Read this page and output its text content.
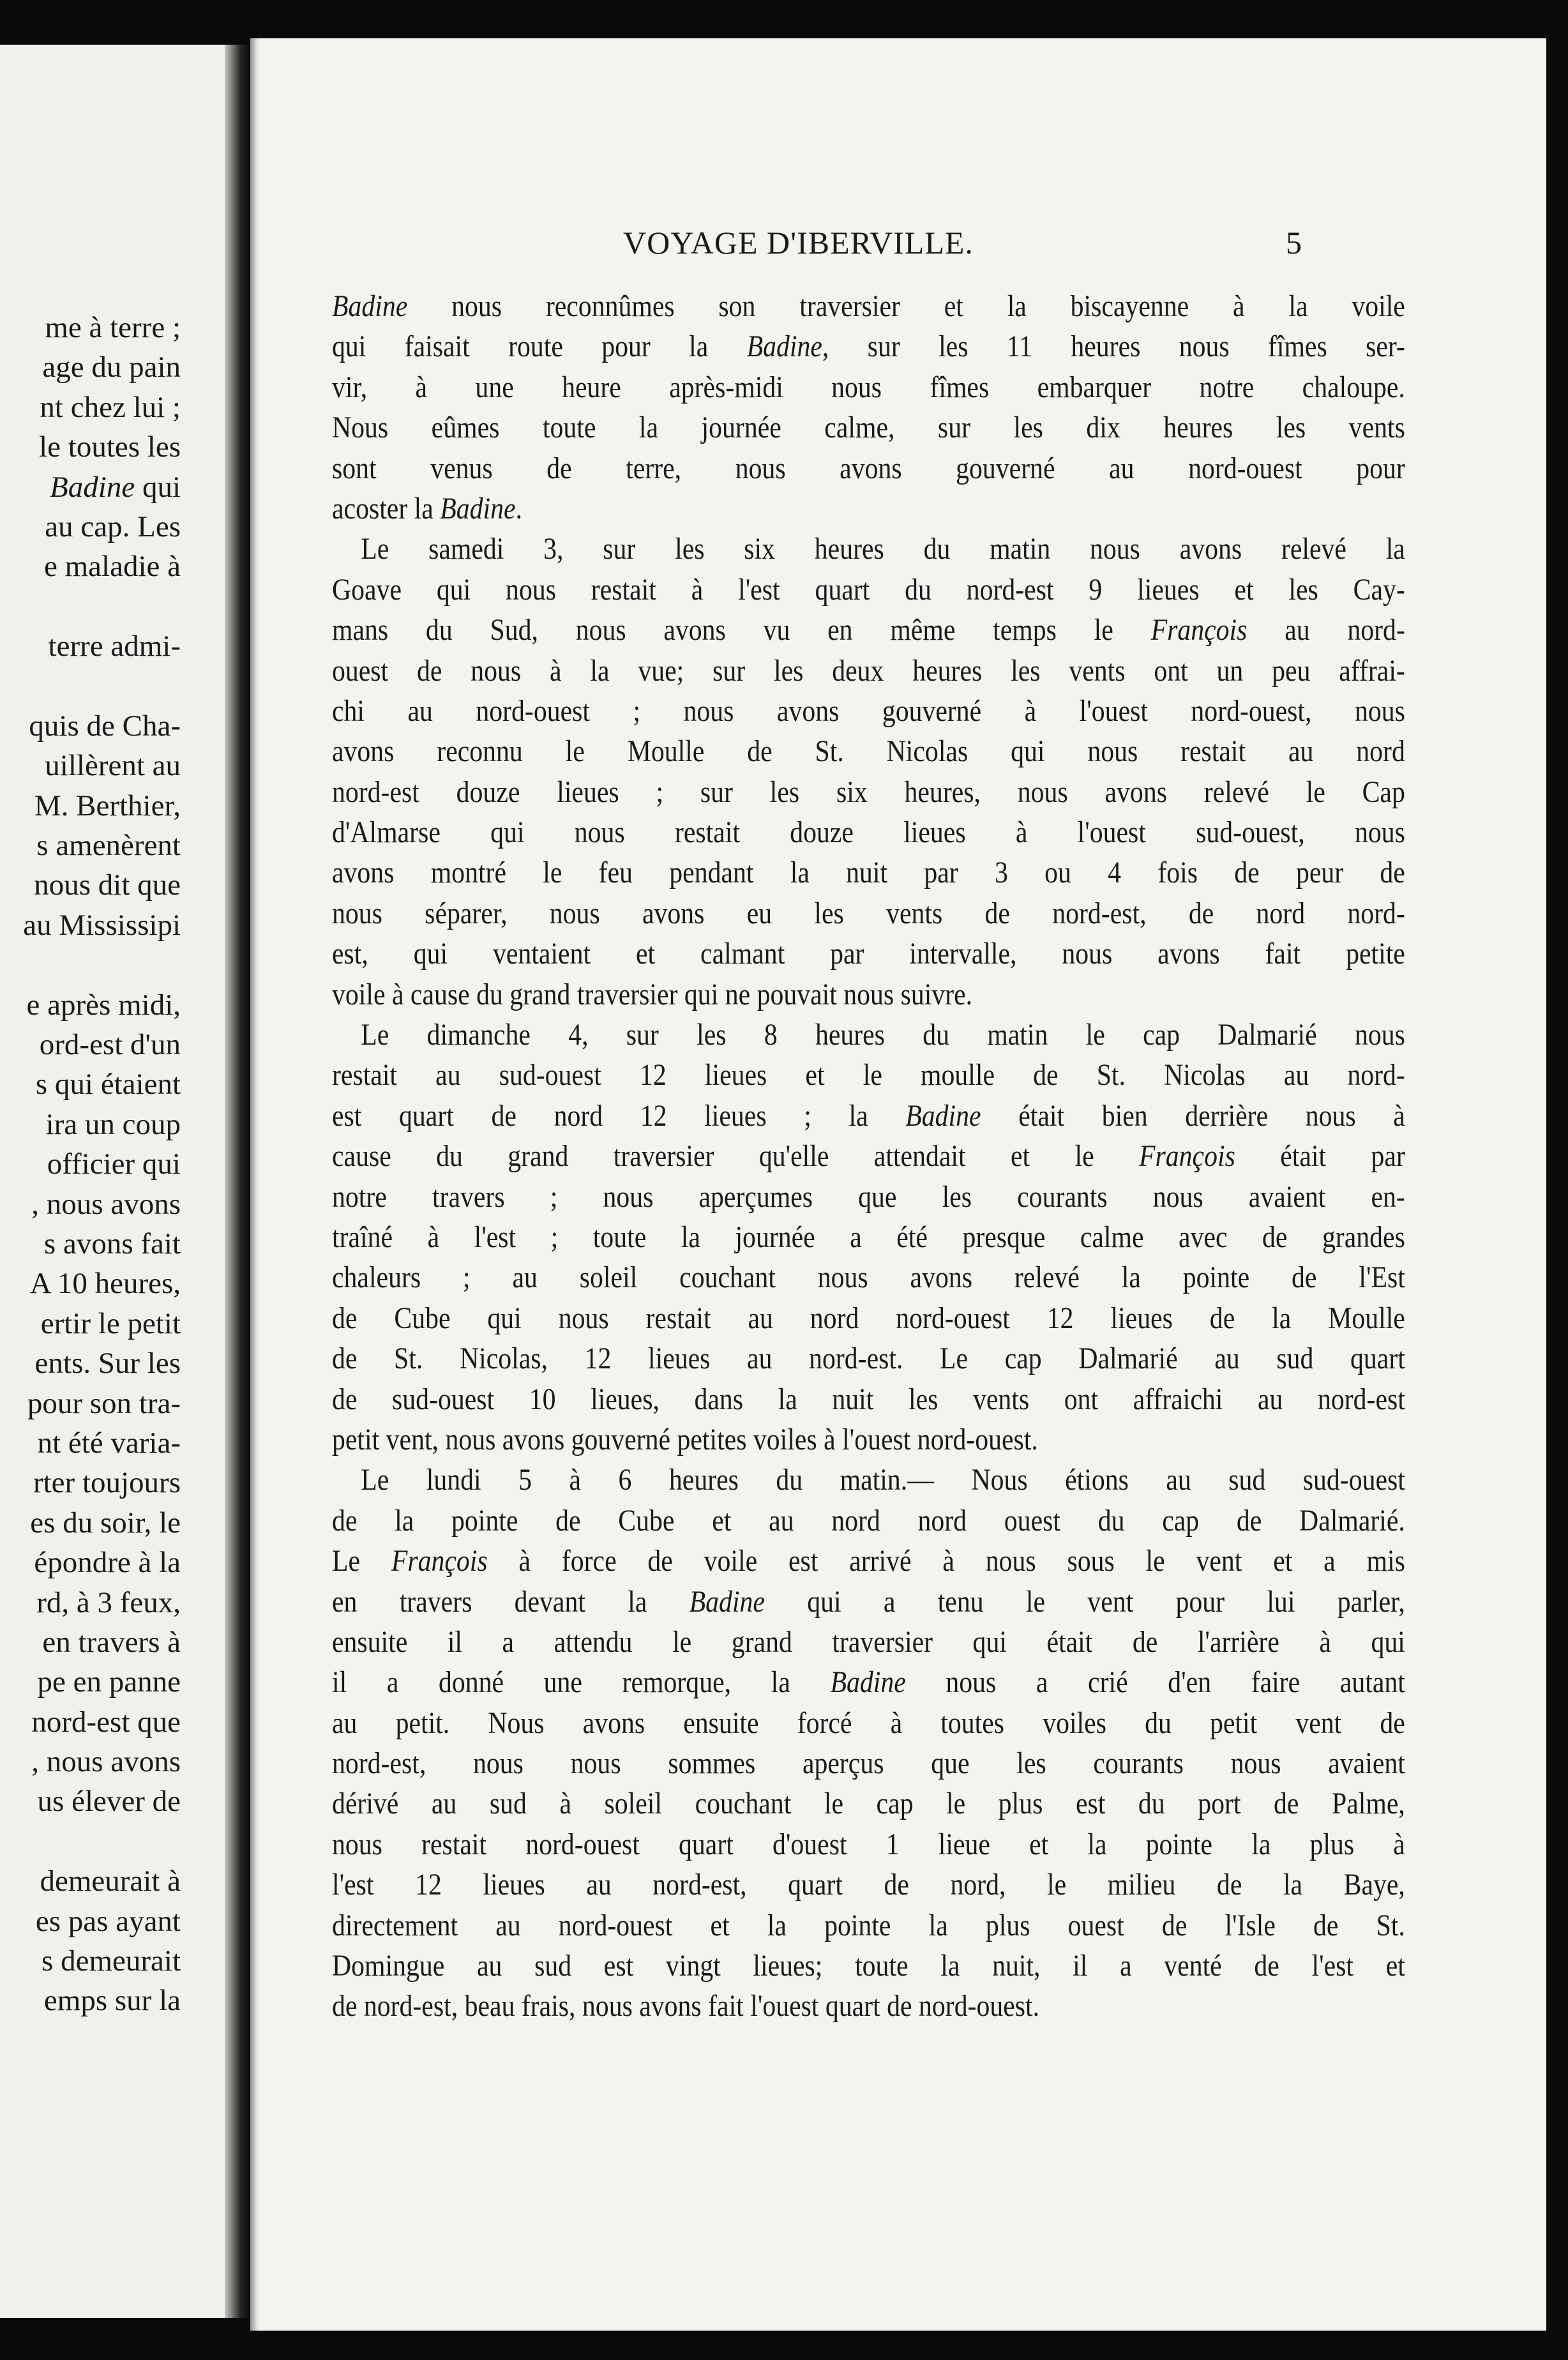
me à terre ;
age du pain
nt chez lui ;
le toutes les
Badine qui
au cap. Les
e maladie à
terre admi-
quis de Cha-
uillèrent au
M. Berthier,
s amenèrent
nous dit que
au Mississipi
e après midi,
ord-est d'un
s qui étaient
ira un coup
officier qui
, nous avons
s avons fait
A 10 heures,
ertir le petit
ents. Sur les
pour son tra-
nt été varia-
rter toujours
es du soir, le
épondre à la
rd, à 3 feux,
en travers à
pe en panne
nord-est que
, nous avons
us élever de
demeurait à
es pas ayant
s demeurait
emps sur la
VOYAGE D'IBERVILLE.	5
Badine nous reconnûmes son traversier et la biscayenne à la voile
qui faisait route pour la Badine, sur les 11 heures nous fîmes ser-
vir, à une heure après-midi nous fîmes embarquer notre chaloupe.
Nous eûmes toute la journée calme, sur les dix heures les vents
sont venus de terre, nous avons gouverné au nord-ouest pour
acoster la Badine.
Le samedi 3, sur les six heures du matin nous avons relevé la
Goave qui nous restait à l'est quart du nord-est 9 lieues et les Cay-
mans du Sud, nous avons vu en même temps le François au nord-
ouest de nous à la vue; sur les deux heures les vents ont un peu affrai-
chi au nord-ouest ; nous avons gouverné à l'ouest nord-ouest, nous
avons reconnu le Moulle de St. Nicolas qui nous restait au nord
nord-est douze lieues ; sur les six heures, nous avons relevé le Cap
d'Almarse qui nous restait douze lieues à l'ouest sud-ouest, nous
avons montré le feu pendant la nuit par 3 ou 4 fois de peur de
nous séparer, nous avons eu les vents de nord-est, de nord nord-
est, qui ventaient et calmant par intervalle, nous avons fait petite
voile à cause du grand traversier qui ne pouvait nous suivre.
Le dimanche 4, sur les 8 heures du matin le cap Dalmarié nous
restait au sud-ouest 12 lieues et le moulle de St. Nicolas au nord-
est quart de nord 12 lieues ; la Badine était bien derrière nous à
cause du grand traversier qu'elle attendait et le François était par
notre travers ; nous aperçumes que les courants nous avaient en-
traîné à l'est ; toute la journée a été presque calme avec de grandes
chaleurs ; au soleil couchant nous avons relevé la pointe de l'Est
de Cube qui nous restait au nord nord-ouest 12 lieues de la Moulle
de St. Nicolas, 12 lieues au nord-est. Le cap Dalmarié au sud quart
de sud-ouest 10 lieues, dans la nuit les vents ont affraichi au nord-est
petit vent, nous avons gouverné petites voiles à l'ouest nord-ouest.
Le lundi 5 à 6 heures du matin.— Nous étions au sud sud-ouest
de la pointe de Cube et au nord nord ouest du cap de Dalmarié.
Le François à force de voile est arrivé à nous sous le vent et a mis
en travers devant la Badine qui a tenu le vent pour lui parler,
ensuite il a attendu le grand traversier qui était de l'arrière à qui
il a donné une remorque, la Badine nous a crié d'en faire autant
au petit. Nous avons ensuite forcé à toutes voiles du petit vent de
nord-est, nous nous sommes aperçus que les courants nous avaient
dérivé au sud à soleil couchant le cap le plus est du port de Palme,
nous restait nord-ouest quart d'ouest 1 lieue et la pointe la plus à
l'est 12 lieues au nord-est, quart de nord, le milieu de la Baye,
directement au nord-ouest et la pointe la plus ouest de l'Isle de St.
Domingue au sud est vingt lieues; toute la nuit, il a venté de l'est et
de nord-est, beau frais, nous avons fait l'ouest quart de nord-ouest.
